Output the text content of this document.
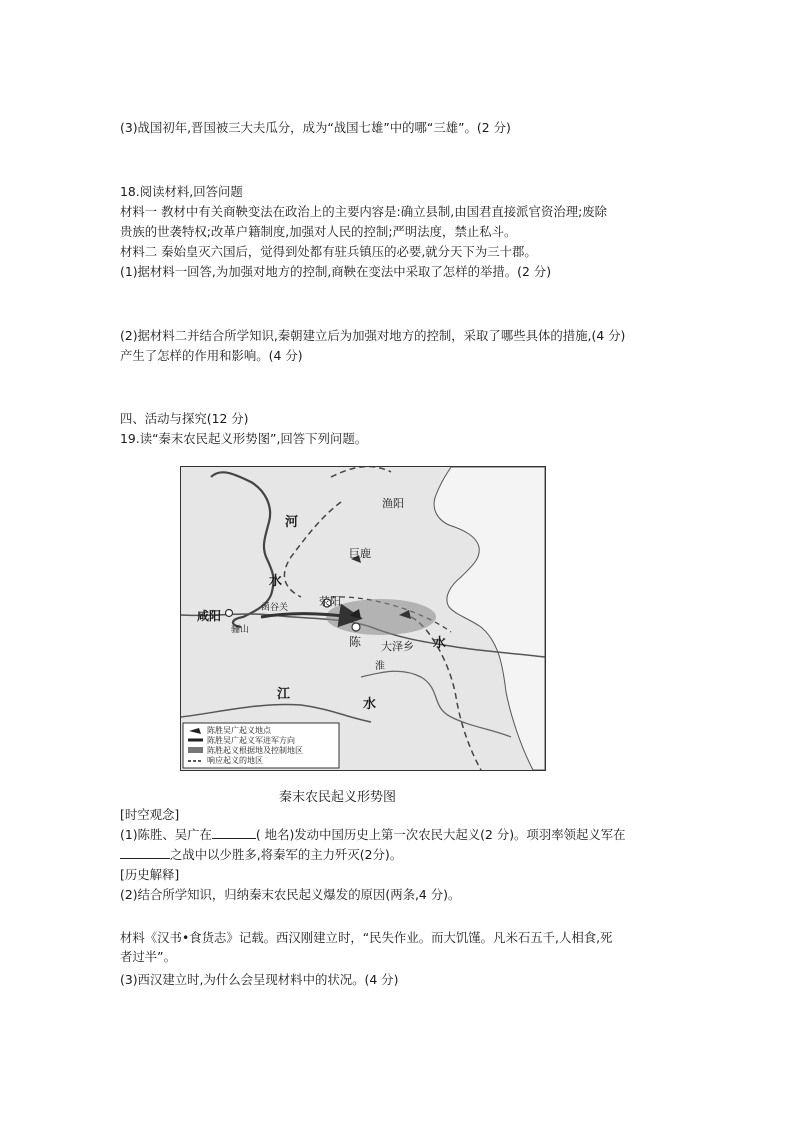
(3)战国初年,晋国被三大夫瓜分，成为“战国七雄”中的哪“三雄”。(2 分)
18.阅读材料,回答问题
材料一 教材中有关商鞅变法在政治上的主要内容是:确立县制,由国君直接派官资治理;废除
贵族的世袭特权;改革户籍制度,加强对人民的控制;严明法度，禁止私斗。
材料二 秦始皇灭六国后，觉得到处都有驻兵镇压的必要,就分天下为三十郡。
(1)据材料一回答,为加强对地方的控制,商鞅在变法中采取了怎样的举措。(2 分)
(2)据材料二并结合所学知识,秦朝建立后为加强对地方的控制，采取了哪些具体的措施,(4 分)
产生了怎样的作用和影响。(4 分)
四、活动与探究(12 分)
19.读“秦末农民起义形势图”,回答下列问题。
渔阳
河
巨鹿
水
荥阳
咸阳
函谷关
骊山
陈 大泽乡 水
淮
江
水
陈胜吴广起义地点
陈胜吴广起义军进军方向
陈胜起义根据地及控制地区
响应起义的地区
秦末农民起义形势图
[时空观念]
(1)陈胜、吴广在	( 地名)发动中国历史上第一次农民大起义(2 分)。项羽率领起义军在
之战中以少胜多,将秦军的主力歼灭(2分)。
[历史解释]
(2)结合所学知识，归纳秦末农民起义爆发的原因(两条,4 分)。
材料《汉书•食货志》记载。西汉刚建立时，“民失作业。而大饥馑。凡米石五千,人相食,死
者过半”。
(3)西汉建立时,为什么会呈现材料中的状况。(4 分)
